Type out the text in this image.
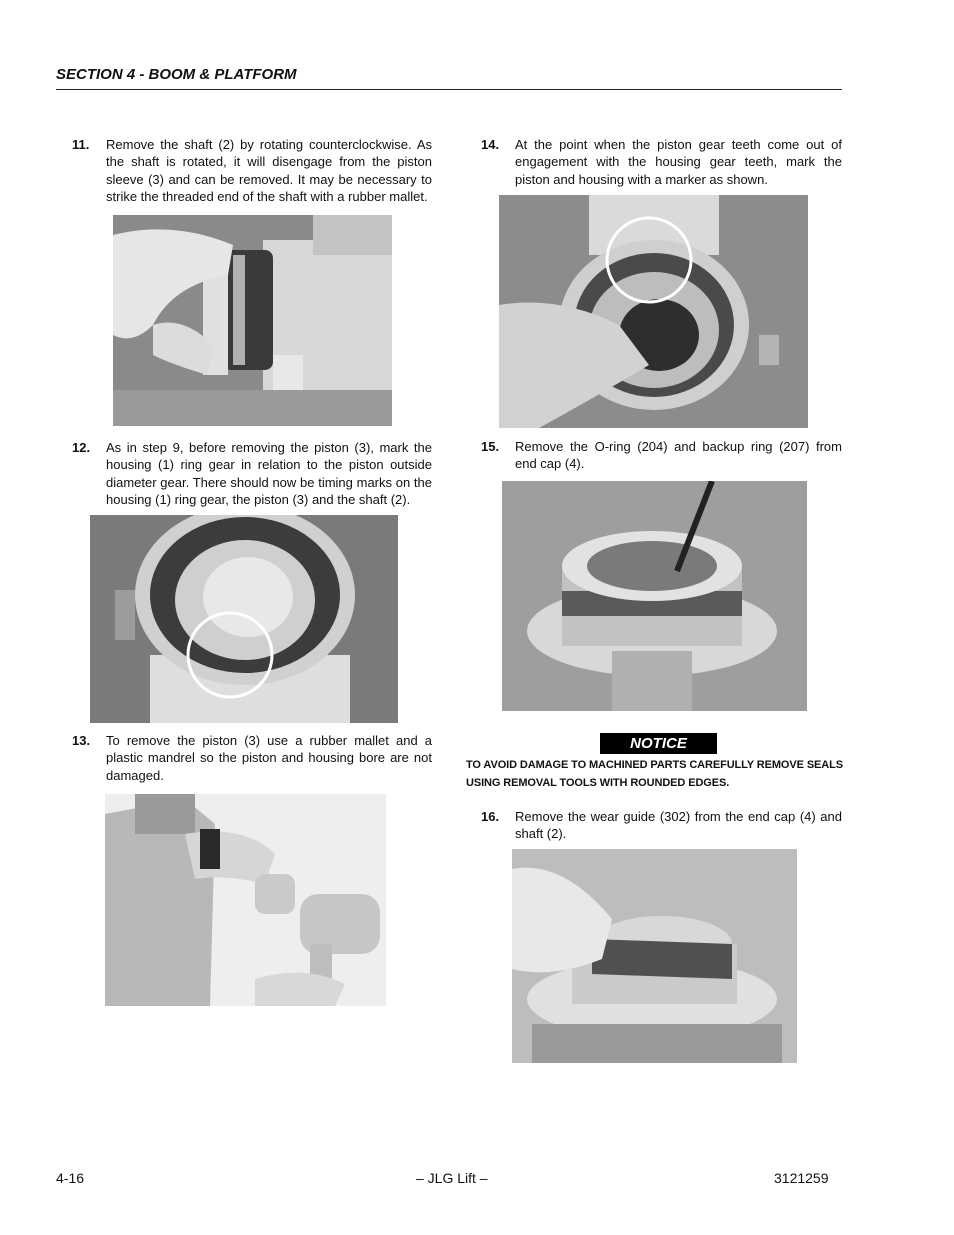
SECTION 4 - BOOM & PLATFORM
11. Remove the shaft (2) by rotating counterclockwise. As the shaft is rotated, it will disengage from the piston sleeve (3) and can be removed. It may be necessary to strike the threaded end of the shaft with a rubber mallet.
12. As in step 9, before removing the piston (3), mark the housing (1) ring gear in relation to the piston outside diameter gear. There should now be timing marks on the housing (1) ring gear, the piston (3) and the shaft (2).
13. To remove the piston (3) use a rubber mallet and a plastic mandrel so the piston and housing bore are not damaged.
14. At the point when the piston gear teeth come out of engagement with the housing gear teeth, mark the piston and housing with a marker as shown.
15. Remove the O-ring (204) and backup ring (207) from end cap (4).
NOTICE
TO AVOID DAMAGE TO MACHINED PARTS CAREFULLY REMOVE SEALS USING REMOVAL TOOLS WITH ROUNDED EDGES.
16. Remove the wear guide (302) from the end cap (4) and shaft (2).
4-16	– JLG Lift –	3121259
